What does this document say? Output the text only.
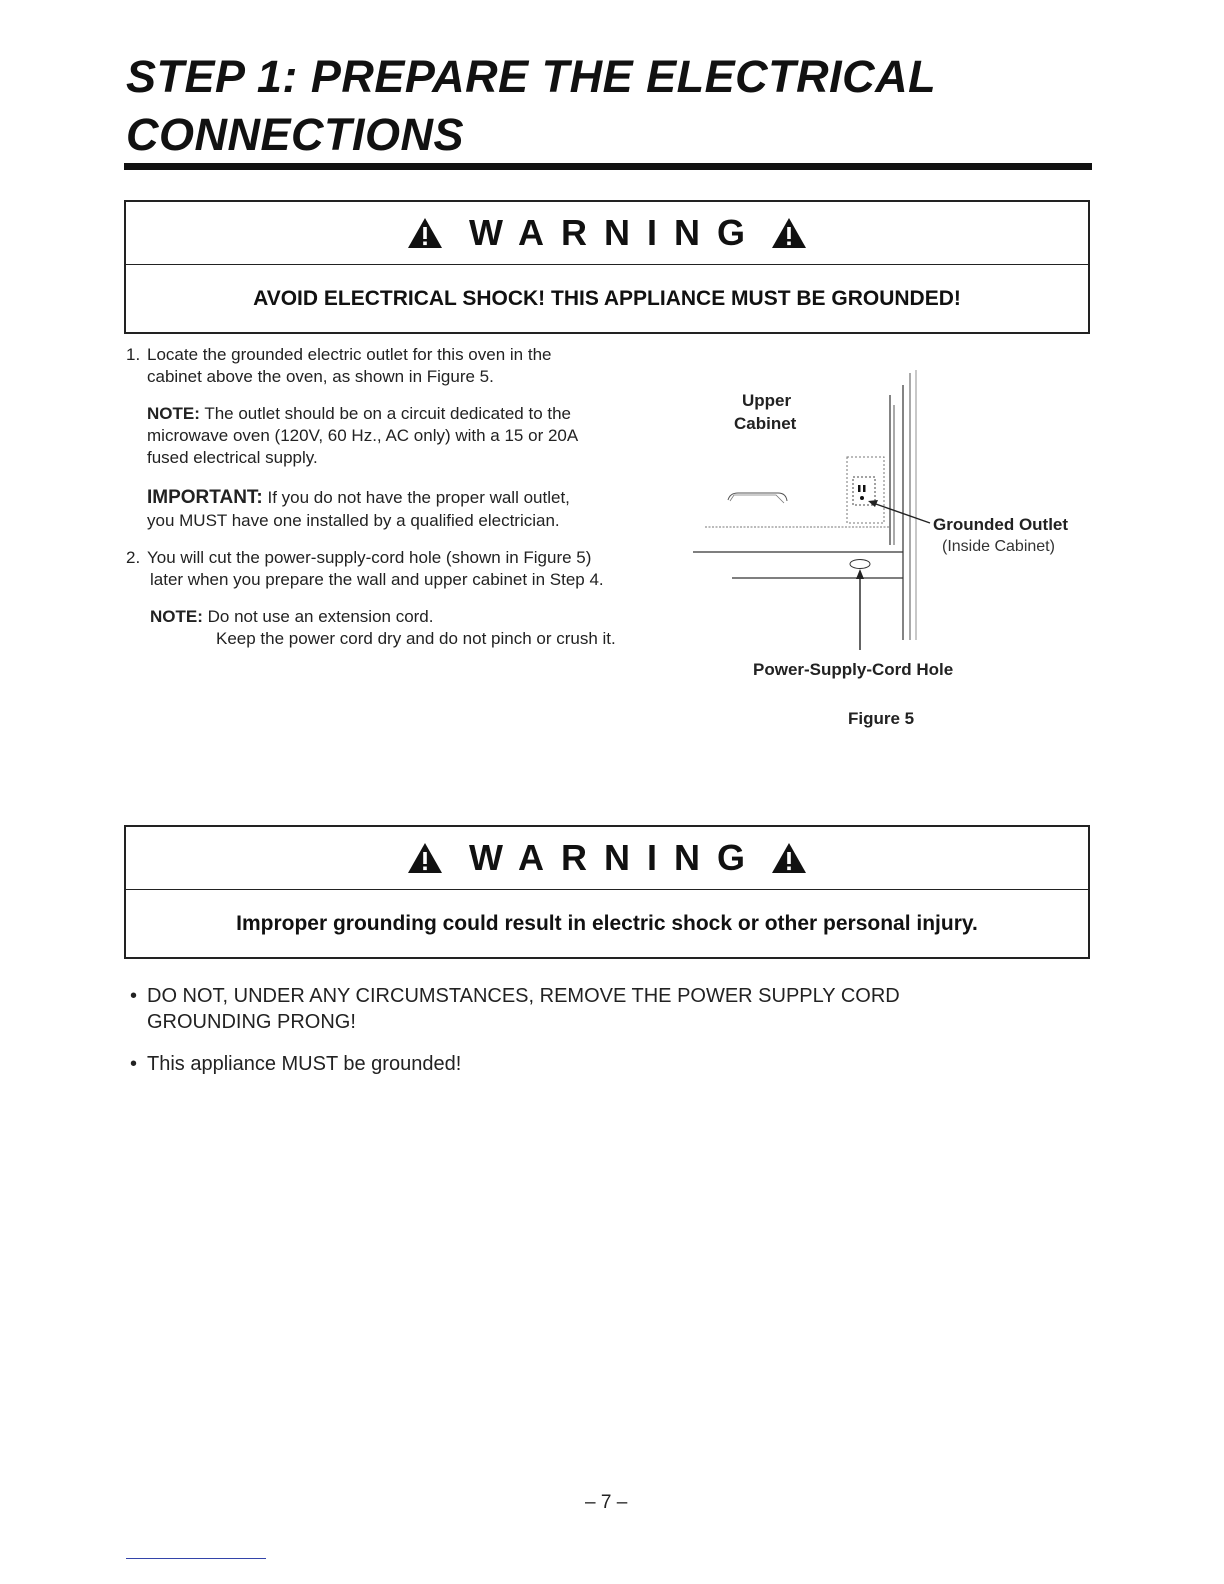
STEP 1: PREPARE THE ELECTRICAL
CONNECTIONS
WARNING
AVOID ELECTRICAL SHOCK! THIS APPLIANCE MUST BE GROUNDED!
1. Locate the grounded electric outlet for this oven in the
cabinet above the oven, as shown in Figure 5.
NOTE: The outlet should be on a circuit dedicated to the
microwave oven (120V, 60 Hz., AC only) with a 15 or 20A
fused electrical supply.
IMPORTANT: If you do not have the proper wall outlet,
you MUST have one installed by a qualified electrician.
2. You will cut the power-supply-cord hole (shown in Figure 5)
later when you prepare the wall and upper cabinet in Step 4.
NOTE: Do not use an extension cord.
Keep the power cord dry and do not pinch or crush it.
Upper
Cabinet
Grounded Outlet
(Inside Cabinet)
Power-Supply-Cord Hole
Figure 5
WARNING
Improper grounding could result in electric shock or other personal injury.
• DO NOT, UNDER ANY CIRCUMSTANCES, REMOVE THE POWER SUPPLY CORD
GROUNDING PRONG!
• This appliance MUST be grounded!
– 7 –
